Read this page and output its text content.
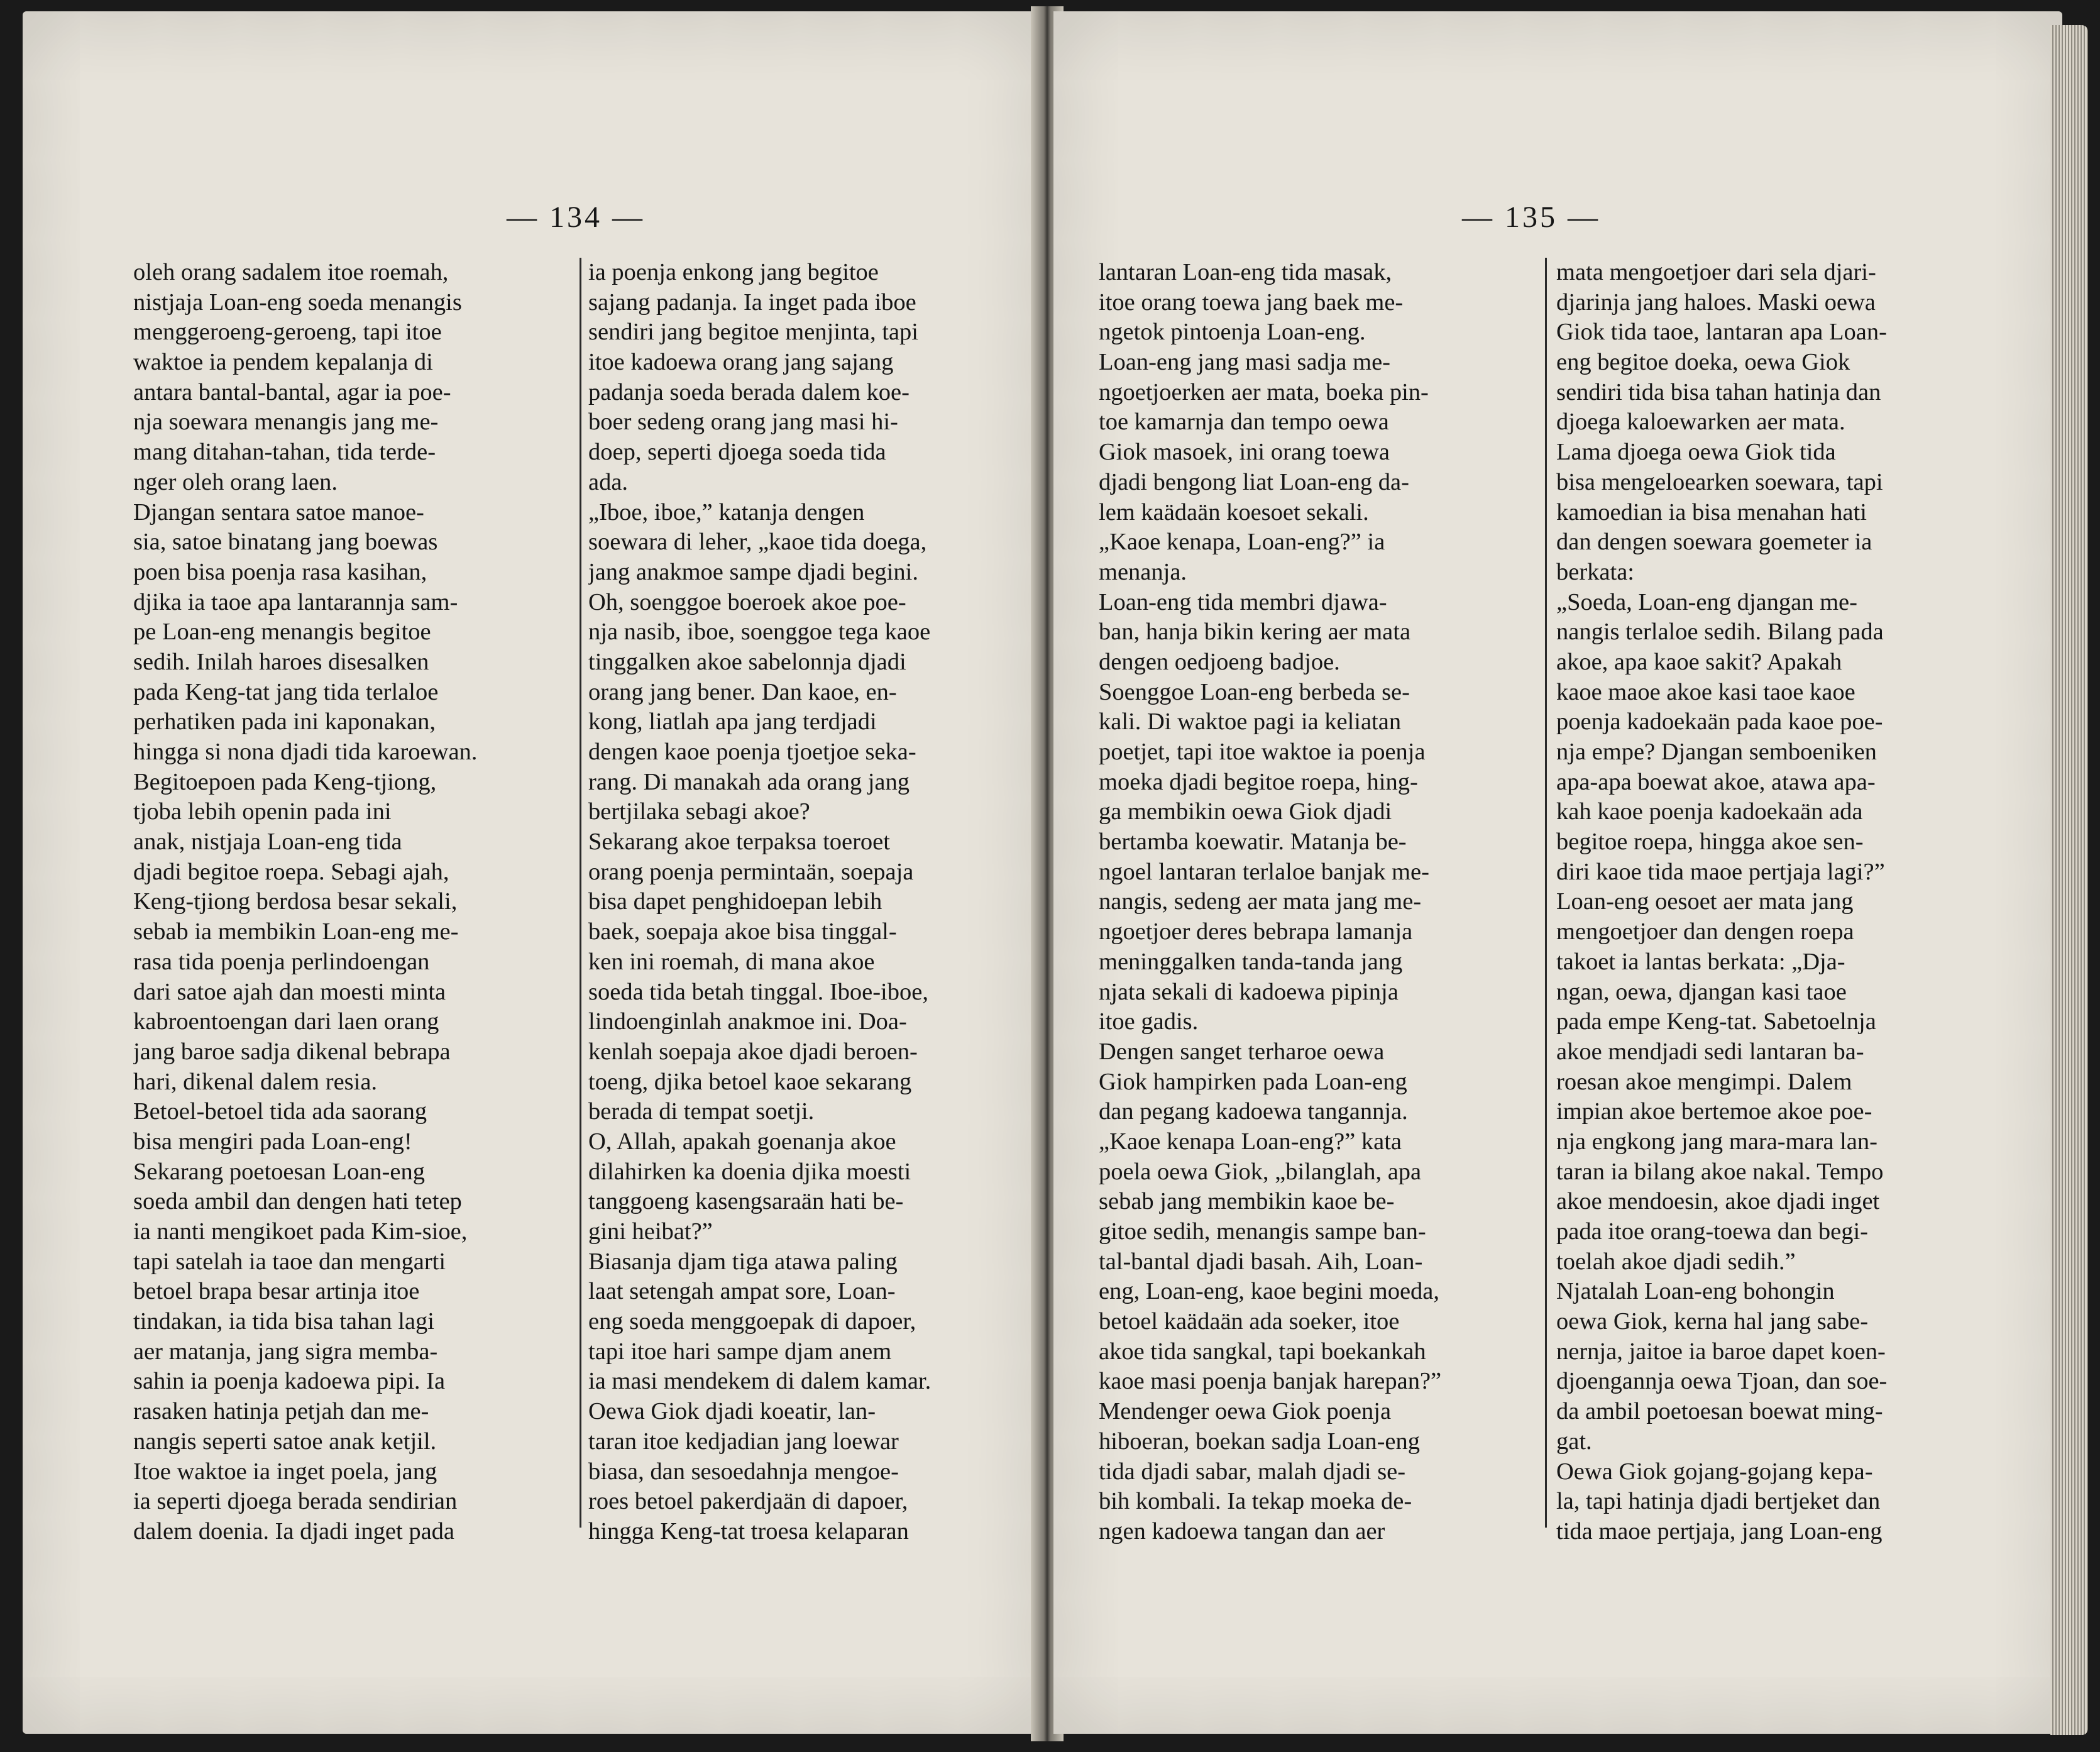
— 134 —
oleh orang sadalem itoe roemah,
nistjaja Loan-eng soeda menangis
menggeroeng-geroeng, tapi itoe
waktoe ia pendem kepalanja di
antara bantal-bantal, agar ia poe-
nja soewara menangis jang me-
mang ditahan-tahan, tida terde-
nger oleh orang laen.
Djangan sentara satoe manoe-
sia, satoe binatang jang boewas
poen bisa poenja rasa kasihan,
djika ia taoe apa lantarannja sam-
pe Loan-eng menangis begitoe
sedih. Inilah haroes disesalken
pada Keng-tat jang tida terlaloe
perhatiken pada ini kaponakan,
hingga si nona djadi tida karoewan.
Begitoepoen pada Keng-tjiong,
tjoba lebih openin pada ini
anak, nistjaja Loan-eng tida
djadi begitoe roepa. Sebagi ajah,
Keng-tjiong berdosa besar sekali,
sebab ia membikin Loan-eng me-
rasa tida poenja perlindoengan
dari satoe ajah dan moesti minta
kabroentoengan dari laen orang
jang baroe sadja dikenal bebrapa
hari, dikenal dalem resia.
Betoel-betoel tida ada saorang
bisa mengiri pada Loan-eng!
Sekarang poetoesan Loan-eng
soeda ambil dan dengen hati tetep
ia nanti mengikoet pada Kim-sioe,
tapi satelah ia taoe dan mengarti
betoel brapa besar artinja itoe
tindakan, ia tida bisa tahan lagi
aer matanja, jang sigra memba-
sahin ia poenja kadoewa pipi. Ia
rasaken hatinja petjah dan me-
nangis seperti satoe anak ketjil.
Itoe waktoe ia inget poela, jang
ia seperti djoega berada sendirian
dalem doenia. Ia djadi inget pada
ia poenja enkong jang begitoe
sajang padanja. Ia inget pada iboe
sendiri jang begitoe menjinta, tapi
itoe kadoewa orang jang sajang
padanja soeda berada dalem koe-
boer sedeng orang jang masi hi-
doep, seperti djoega soeda tida
ada.
„Iboe, iboe,” katanja dengen
soewara di leher, „kaoe tida doega,
jang anakmoe sampe djadi begini.
Oh, soenggoe boeroek akoe poe-
nja nasib, iboe, soenggoe tega kaoe
tinggalken akoe sabelonnja djadi
orang jang bener. Dan kaoe, en-
kong, liatlah apa jang terdjadi
dengen kaoe poenja tjoetjoe seka-
rang. Di manakah ada orang jang
bertjilaka sebagi akoe?
Sekarang akoe terpaksa toeroet
orang poenja permintaän, soepaja
bisa dapet penghidoepan lebih
baek, soepaja akoe bisa tinggal-
ken ini roemah, di mana akoe
soeda tida betah tinggal. Iboe-iboe,
lindoenginlah anakmoe ini. Doa-
kenlah soepaja akoe djadi beroen-
toeng, djika betoel kaoe sekarang
berada di tempat soetji.
O, Allah, apakah goenanja akoe
dilahirken ka doenia djika moesti
tanggoeng kasengsaraän hati be-
gini heibat?”
Biasanja djam tiga atawa paling
laat setengah ampat sore, Loan-
eng soeda menggoepak di dapoer,
tapi itoe hari sampe djam anem
ia masi mendekem di dalem kamar.
Oewa Giok djadi koeatir, lan-
taran itoe kedjadian jang loewar
biasa, dan sesoedahnja mengoe-
roes betoel pakerdjaän di dapoer,
hingga Keng-tat troesa kelaparan
— 135 —
lantaran Loan-eng tida masak,
itoe orang toewa jang baek me-
ngetok pintoenja Loan-eng.
Loan-eng jang masi sadja me-
ngoetjoerken aer mata, boeka pin-
toe kamarnja dan tempo oewa
Giok masoek, ini orang toewa
djadi bengong liat Loan-eng da-
lem kaädaän koesoet sekali.
„Kaoe kenapa, Loan-eng?” ia
menanja.
Loan-eng tida membri djawa-
ban, hanja bikin kering aer mata
dengen oedjoeng badjoe.
Soenggoe Loan-eng berbeda se-
kali. Di waktoe pagi ia keliatan
poetjet, tapi itoe waktoe ia poenja
moeka djadi begitoe roepa, hing-
ga membikin oewa Giok djadi
bertamba koewatir. Matanja be-
ngoel lantaran terlaloe banjak me-
nangis, sedeng aer mata jang me-
ngoetjoer deres bebrapa lamanja
meninggalken tanda-tanda jang
njata sekali di kadoewa pipinja
itoe gadis.
Dengen sanget terharoe oewa
Giok hampirken pada Loan-eng
dan pegang kadoewa tangannja.
„Kaoe kenapa Loan-eng?” kata
poela oewa Giok, „bilanglah, apa
sebab jang membikin kaoe be-
gitoe sedih, menangis sampe ban-
tal-bantal djadi basah. Aih, Loan-
eng, Loan-eng, kaoe begini moeda,
betoel kaädaän ada soeker, itoe
akoe tida sangkal, tapi boekankah
kaoe masi poenja banjak harepan?”
Mendenger oewa Giok poenja
hiboeran, boekan sadja Loan-eng
tida djadi sabar, malah djadi se-
bih kombali. Ia tekap moeka de-
ngen kadoewa tangan dan aer
mata mengoetjoer dari sela djari-
djarinja jang haloes. Maski oewa
Giok tida taoe, lantaran apa Loan-
eng begitoe doeka, oewa Giok
sendiri tida bisa tahan hatinja dan
djoega kaloewarken aer mata.
Lama djoega oewa Giok tida
bisa mengeloearken soewara, tapi
kamoedian ia bisa menahan hati
dan dengen soewara goemeter ia
berkata:
„Soeda, Loan-eng djangan me-
nangis terlaloe sedih. Bilang pada
akoe, apa kaoe sakit? Apakah
kaoe maoe akoe kasi taoe kaoe
poenja kadoekaän pada kaoe poe-
nja empe? Djangan semboeniken
apa-apa boewat akoe, atawa apa-
kah kaoe poenja kadoekaän ada
begitoe roepa, hingga akoe sen-
diri kaoe tida maoe pertjaja lagi?”
Loan-eng oesoet aer mata jang
mengoetjoer dan dengen roepa
takoet ia lantas berkata: „Dja-
ngan, oewa, djangan kasi taoe
pada empe Keng-tat. Sabetoelnja
akoe mendjadi sedi lantaran ba-
roesan akoe mengimpi. Dalem
impian akoe bertemoe akoe poe-
nja engkong jang mara-mara lan-
taran ia bilang akoe nakal. Tempo
akoe mendoesin, akoe djadi inget
pada itoe orang-toewa dan begi-
toelah akoe djadi sedih.”
Njatalah Loan-eng bohongin
oewa Giok, kerna hal jang sabe-
nernja, jaitoe ia baroe dapet koen-
djoengannja oewa Tjoan, dan soe-
da ambil poetoesan boewat ming-
gat.
Oewa Giok gojang-gojang kepa-
la, tapi hatinja djadi bertjeket dan
tida maoe pertjaja, jang Loan-eng
